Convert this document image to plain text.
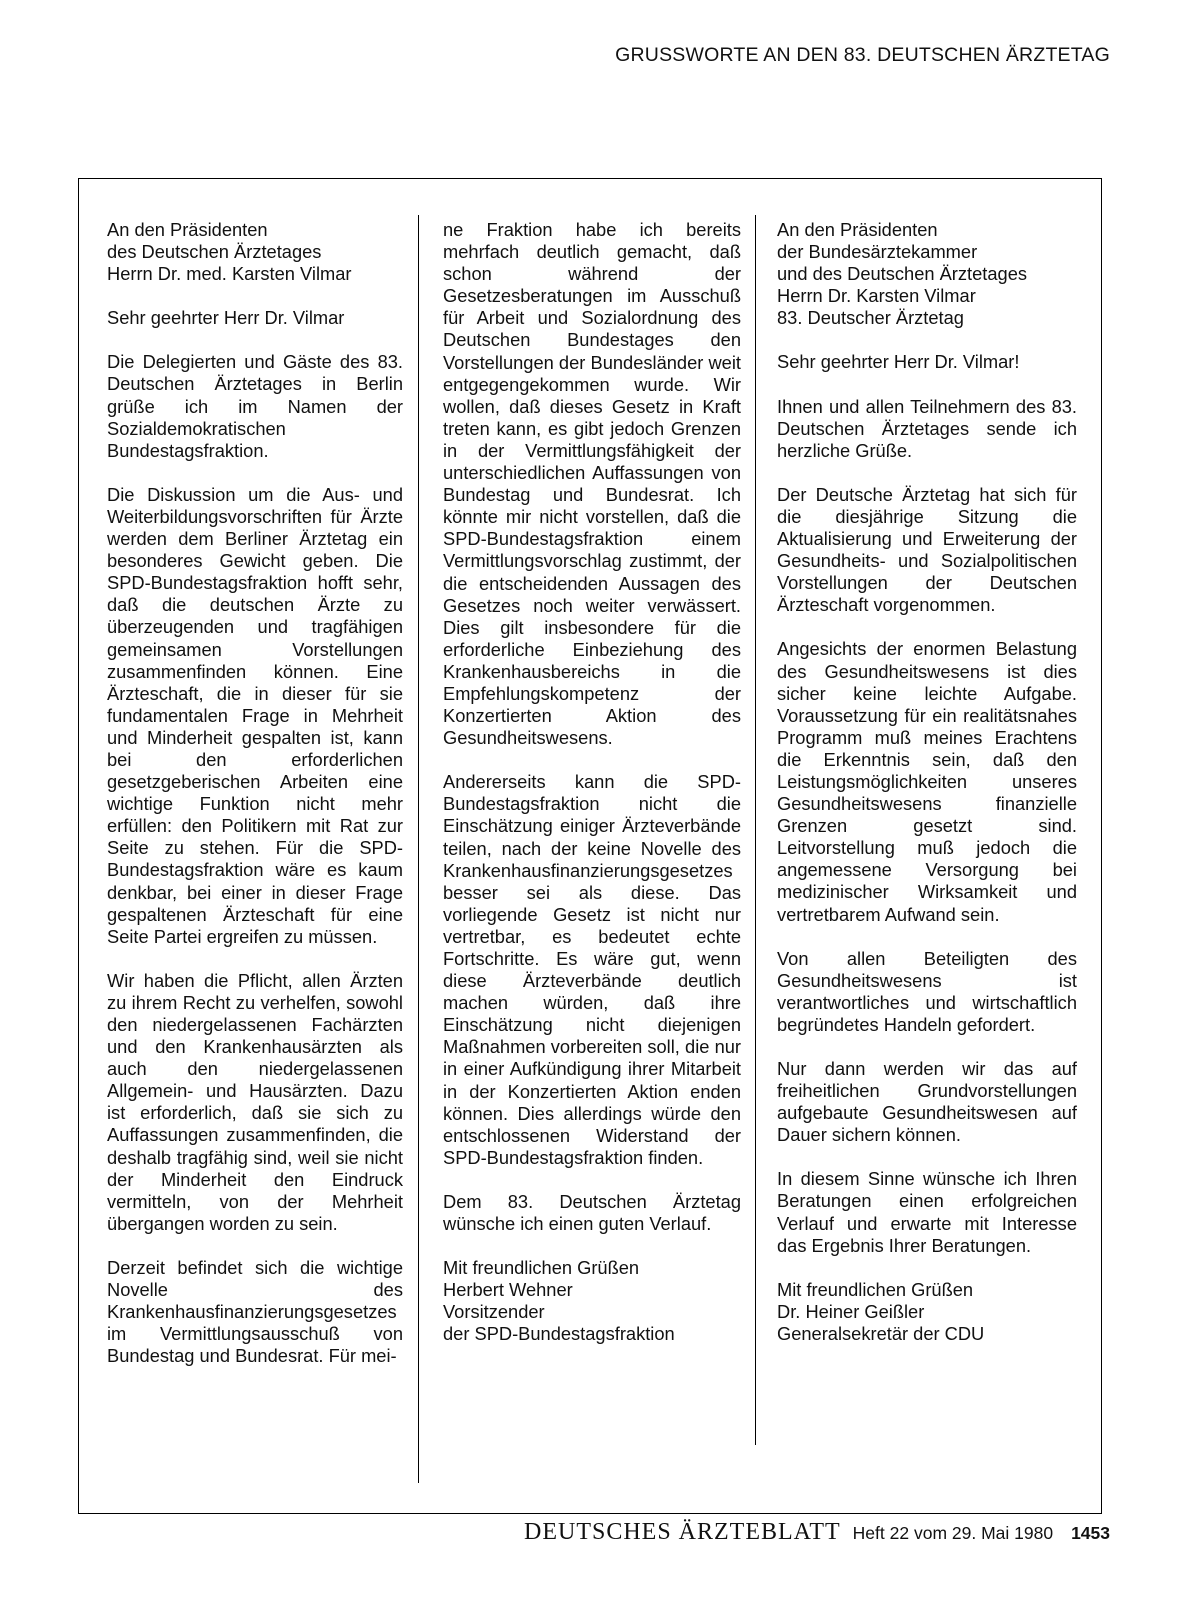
GRUSSWORTE AN DEN 83. DEUTSCHEN ÄRZTETAG

An den Präsidenten
des Deutschen Ärztetages
Herrn Dr. med. Karsten Vilmar

Sehr geehrter Herr Dr. Vilmar

Die Delegierten und Gäste des 83. Deutschen Ärztetages in Berlin grüße ich im Namen der Sozialdemokratischen Bundestagsfraktion.

Die Diskussion um die Aus- und Weiterbildungsvorschriften für Ärzte werden dem Berliner Ärztetag ein besonderes Gewicht geben. Die SPD-Bundestagsfraktion hofft sehr, daß die deutschen Ärzte zu überzeugenden und tragfähigen gemeinsamen Vorstellungen zusammenfinden können. Eine Ärzteschaft, die in dieser für sie fundamentalen Frage in Mehrheit und Minderheit gespalten ist, kann bei den erforderlichen gesetzgeberischen Arbeiten eine wichtige Funktion nicht mehr erfüllen: den Politikern mit Rat zur Seite zu stehen. Für die SPD-Bundestagsfraktion wäre es kaum denkbar, bei einer in dieser Frage gespaltenen Ärzteschaft für eine Seite Partei ergreifen zu müssen.

Wir haben die Pflicht, allen Ärzten zu ihrem Recht zu verhelfen, sowohl den niedergelassenen Fachärzten und den Krankenhausärzten als auch den niedergelassenen Allgemein- und Hausärzten. Dazu ist erforderlich, daß sie sich zu Auffassungen zusammenfinden, die deshalb tragfähig sind, weil sie nicht der Minderheit den Eindruck vermitteln, von der Mehrheit übergangen worden zu sein.

Derzeit befindet sich die wichtige Novelle des Krankenhausfinanzierungsgesetzes im Vermittlungsausschuß von Bundestag und Bundesrat. Für mei-

ne Fraktion habe ich bereits mehrfach deutlich gemacht, daß schon während der Gesetzesberatungen im Ausschuß für Arbeit und Sozialordnung des Deutschen Bundestages den Vorstellungen der Bundesländer weit entgegengekommen wurde. Wir wollen, daß dieses Gesetz in Kraft treten kann, es gibt jedoch Grenzen in der Vermittlungsfähigkeit der unterschiedlichen Auffassungen von Bundestag und Bundesrat. Ich könnte mir nicht vorstellen, daß die SPD-Bundestagsfraktion einem Vermittlungsvorschlag zustimmt, der die entscheidenden Aussagen des Gesetzes noch weiter verwässert. Dies gilt insbesondere für die erforderliche Einbeziehung des Krankenhausbereichs in die Empfehlungskompetenz der Konzertierten Aktion des Gesundheitswesens.

Andererseits kann die SPD-Bundestagsfraktion nicht die Einschätzung einiger Ärzteverbände teilen, nach der keine Novelle des Krankenhausfinanzierungsgesetzes besser sei als diese. Das vorliegende Gesetz ist nicht nur vertretbar, es bedeutet echte Fortschritte. Es wäre gut, wenn diese Ärzteverbände deutlich machen würden, daß ihre Einschätzung nicht diejenigen Maßnahmen vorbereiten soll, die nur in einer Aufkündigung ihrer Mitarbeit in der Konzertierten Aktion enden können. Dies allerdings würde den entschlossenen Widerstand der SPD-Bundestagsfraktion finden.

Dem 83. Deutschen Ärztetag wünsche ich einen guten Verlauf.

Mit freundlichen Grüßen
Herbert Wehner
Vorsitzender
der SPD-Bundestagsfraktion

An den Präsidenten
der Bundesärztekammer
und des Deutschen Ärztetages
Herrn Dr. Karsten Vilmar
83. Deutscher Ärztetag

Sehr geehrter Herr Dr. Vilmar!

Ihnen und allen Teilnehmern des 83. Deutschen Ärztetages sende ich herzliche Grüße.

Der Deutsche Ärztetag hat sich für die diesjährige Sitzung die Aktualisierung und Erweiterung der Gesundheits- und Sozialpolitischen Vorstellungen der Deutschen Ärzteschaft vorgenommen.

Angesichts der enormen Belastung des Gesundheitswesens ist dies sicher keine leichte Aufgabe. Voraussetzung für ein realitätsnahes Programm muß meines Erachtens die Erkenntnis sein, daß den Leistungsmöglichkeiten unseres Gesundheitswesens finanzielle Grenzen gesetzt sind. Leitvorstellung muß jedoch die angemessene Versorgung bei medizinischer Wirksamkeit und vertretbarem Aufwand sein.

Von allen Beteiligten des Gesundheitswesens ist verantwortliches und wirtschaftlich begründetes Handeln gefordert.

Nur dann werden wir das auf freiheitlichen Grundvorstellungen aufgebaute Gesundheitswesen auf Dauer sichern können.

In diesem Sinne wünsche ich Ihren Beratungen einen erfolgreichen Verlauf und erwarte mit Interesse das Ergebnis Ihrer Beratungen.

Mit freundlichen Grüßen
Dr. Heiner Geißler
Generalsekretär der CDU

DEUTSCHES ÄRZTEBLATT Heft 22 vom 29. Mai 1980 1453
